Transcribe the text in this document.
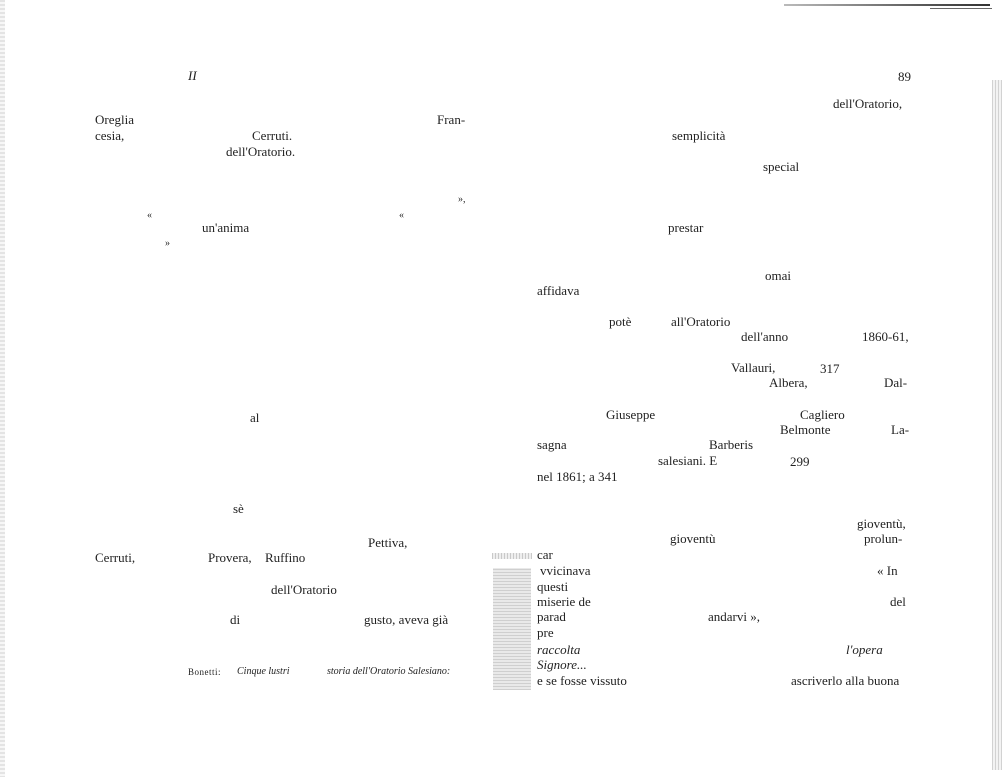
II
Oreglia	Fran-
cesia,	Cerruti.
dell'Oratorio.
»,
«	«
un'anima
»
al
sè
Pettiva,
Cerruti,	Provera, Ruffino
dell'Oratorio
di	gusto, aveva già
Bonetti: Cinque lustri	storia dell'Oratorio Salesiano:
89
dell'Oratorio,
semplicità
special
prestar
omai
affidava
potè	all'Oratorio
dell'anno	1860-61,
Vallauri,	317
Albera,	Dal-
Giuseppe	Cagliero
Belmonte	La-
sagna	Barberis
salesiani. E	299
nel 1861; a 341
gioventù,
gioventù	prolun-
car
vvicinava	« In
questi
miserie de	del
parad	andarvi »,
pre
raccolta	l'opera
Signore...
e se fosse vissuto	ascriverlo alla buona
